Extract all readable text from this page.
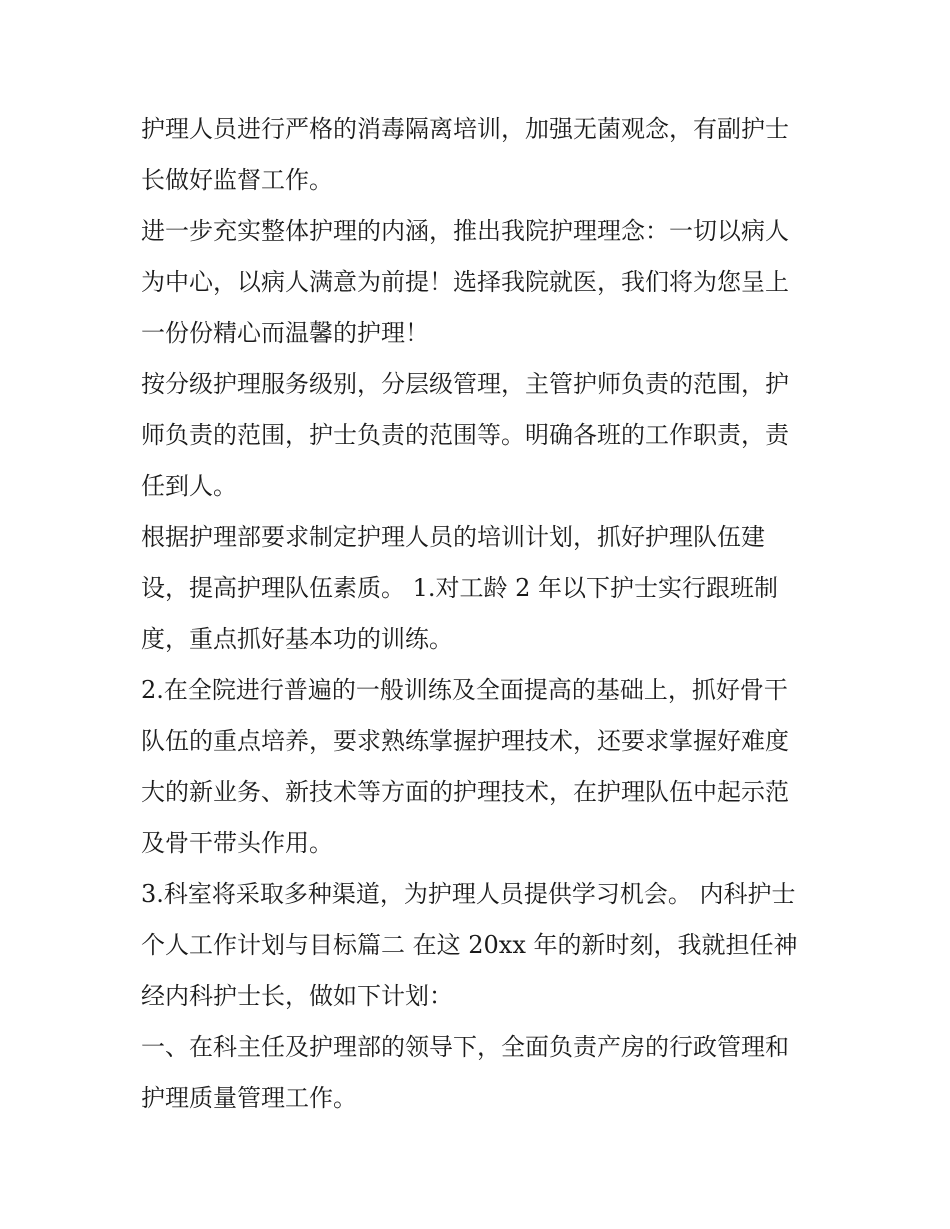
护理人员进行严格的消毒隔离培训，加强无菌观念，有副护士
长做好监督工作。

进一步充实整体护理的内涵，推出我院护理理念：一切以病人
为中心，以病人满意为前提！选择我院就医，我们将为您呈上
一份份精心而温馨的护理！

按分级护理服务级别，分层级管理，主管护师负责的范围，护
师负责的范围，护士负责的范围等。明确各班的工作职责，责
任到人。

根据护理部要求制定护理人员的培训计划，抓好护理队伍建
设，提高护理队伍素质。 1.对工龄 2 年以下护士实行跟班制
度，重点抓好基本功的训练。

2.在全院进行普遍的一般训练及全面提高的基础上，抓好骨干
队伍的重点培养，要求熟练掌握护理技术，还要求掌握好难度
大的新业务、新技术等方面的护理技术，在护理队伍中起示范
及骨干带头作用。

3.科室将采取多种渠道，为护理人员提供学习机会。 内科护士
个人工作计划与目标篇二 在这 20xx 年的新时刻，我就担任神
经内科护士长，做如下计划：

一、在科主任及护理部的领导下，全面负责产房的行政管理和
护理质量管理工作。
